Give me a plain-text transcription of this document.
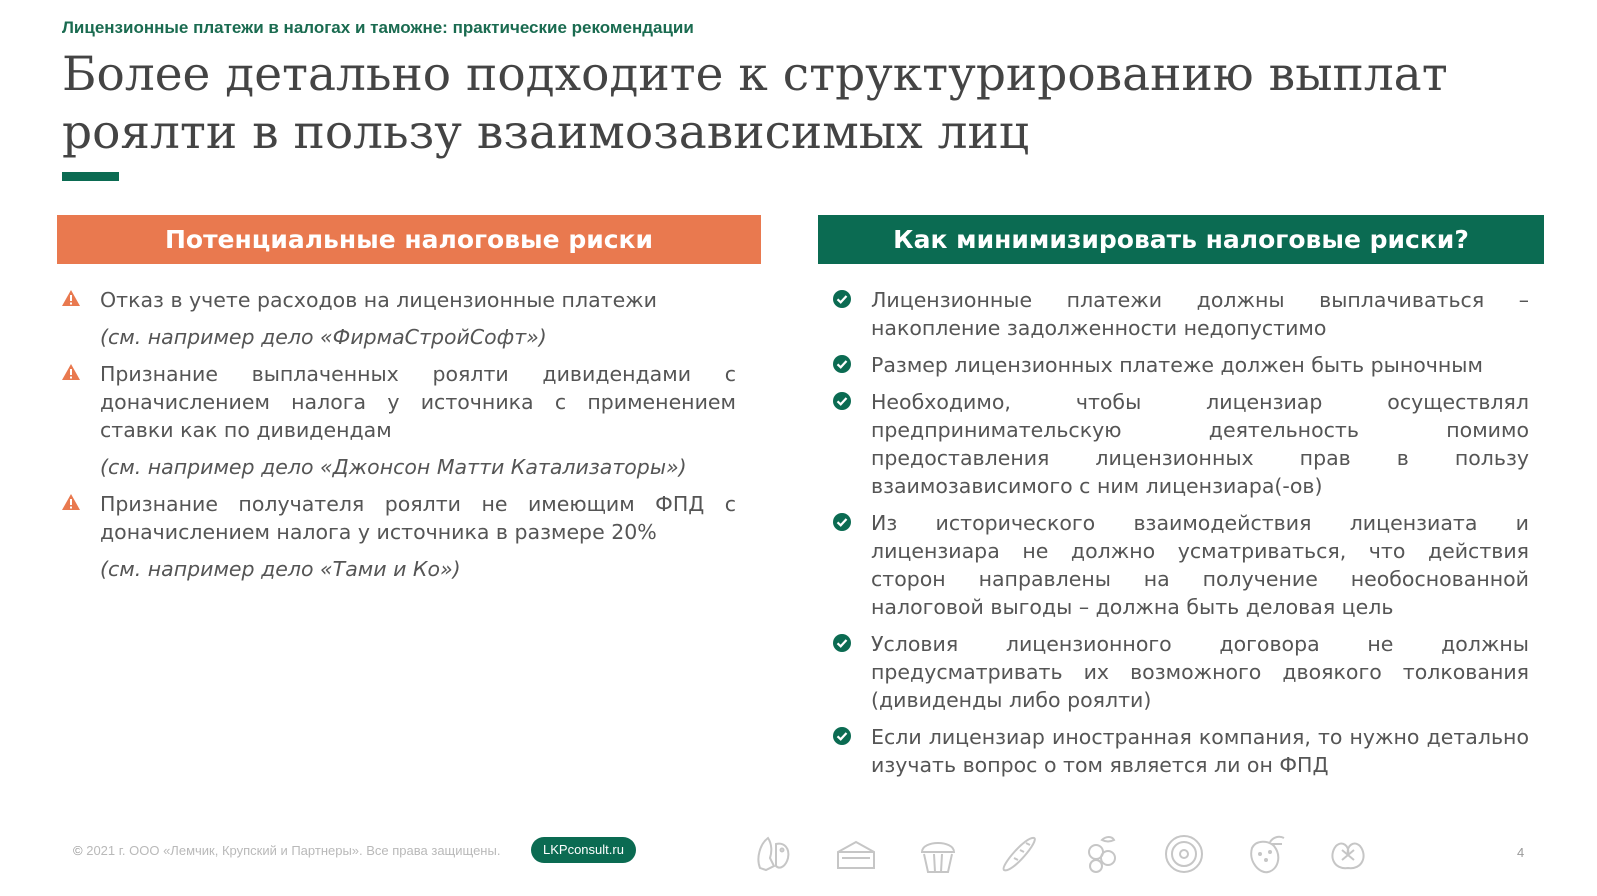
Лицензионные платежи в налогах и таможне: практические рекомендации
Более детально подходите к структурированию выплат
роялти в пользу взаимозависимых лиц
Потенциальные налоговые риски	Как минимизировать налоговые риски?
Отказ в учете расходов на лицензионные платежи
(см. например дело «ФирмаСтройСофт»)
Признание выплаченных роялти дивидендами с доначислением налога у источника с применением ставки как по дивидендам
(см. например дело «Джонсон Матти Катализаторы»)
Признание получателя роялти не имеющим ФПД с доначислением налога у источника в размере 20%
(см. например дело «Тами и Ко»)
Лицензионные платежи должны выплачиваться – накопление задолженности недопустимо
Размер лицензионных платеже должен быть рыночным
Необходимо, чтобы лицензиар осуществлял предпринимательскую деятельность помимо предоставления лицензионных прав в пользу взаимозависимого с ним лицензиара(-ов)
Из исторического взаимодействия лицензиата и лицензиара не должно усматриваться, что действия сторон направлены на получение необоснованной налоговой выгоды – должна быть деловая цель
Условия лицензионного договора не должны предусматривать их возможного двоякого толкования (дивиденды либо роялти)
Если лицензиар иностранная компания, то нужно детально изучать вопрос о том является ли он ФПД
© 2021 г. ООО «Лемчик, Крупский и Партнеры». Все права защищены.	LKPconsult.ru	4
